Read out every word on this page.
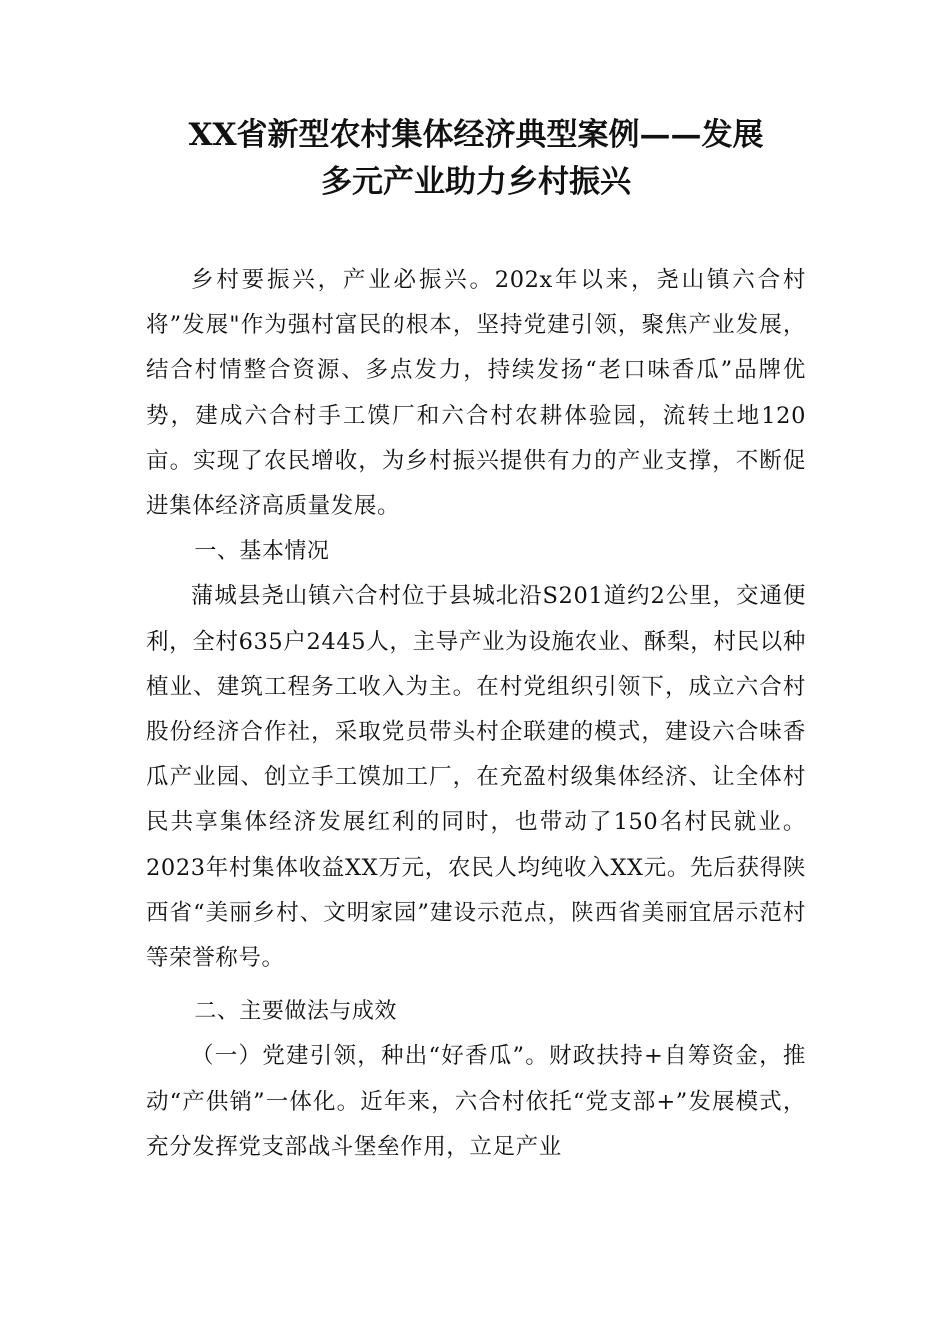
XX省新型农村集体经济典型案例——发展
多元产业助力乡村振兴

乡村要振兴，产业必振兴。202x年以来，尧山镇六合村将”发展"作为强村富民的根本，坚持党建引领，聚焦产业发展，结合村情整合资源、多点发力，持续发扬“老口味香瓜”品牌优势，建成六合村手工馍厂和六合村农耕体验园，流转土地120亩。实现了农民增收，为乡村振兴提供有力的产业支撑，不断促进集体经济高质量发展。

一、基本情况

蒲城县尧山镇六合村位于县城北沿S201道约2公里，交通便利，全村635户2445人，主导产业为设施农业、酥梨，村民以种植业、建筑工程务工收入为主。在村党组织引领下，成立六合村股份经济合作社，采取党员带头村企联建的模式，建设六合味香瓜产业园、创立手工馍加工厂，在充盈村级集体经济、让全体村民共享集体经济发展红利的同时，也带动了150名村民就业。2023年村集体收益XX万元，农民人均纯收入XX元。先后获得陕西省“美丽乡村、文明家园”建设示范点，陕西省美丽宜居示范村等荣誉称号。

二、主要做法与成效

（一）党建引领，种出“好香瓜”。财政扶持+自筹资金，推动“产供销”一体化。近年来，六合村依托“党支部+”发展模式，充分发挥党支部战斗堡垒作用，立足产业
